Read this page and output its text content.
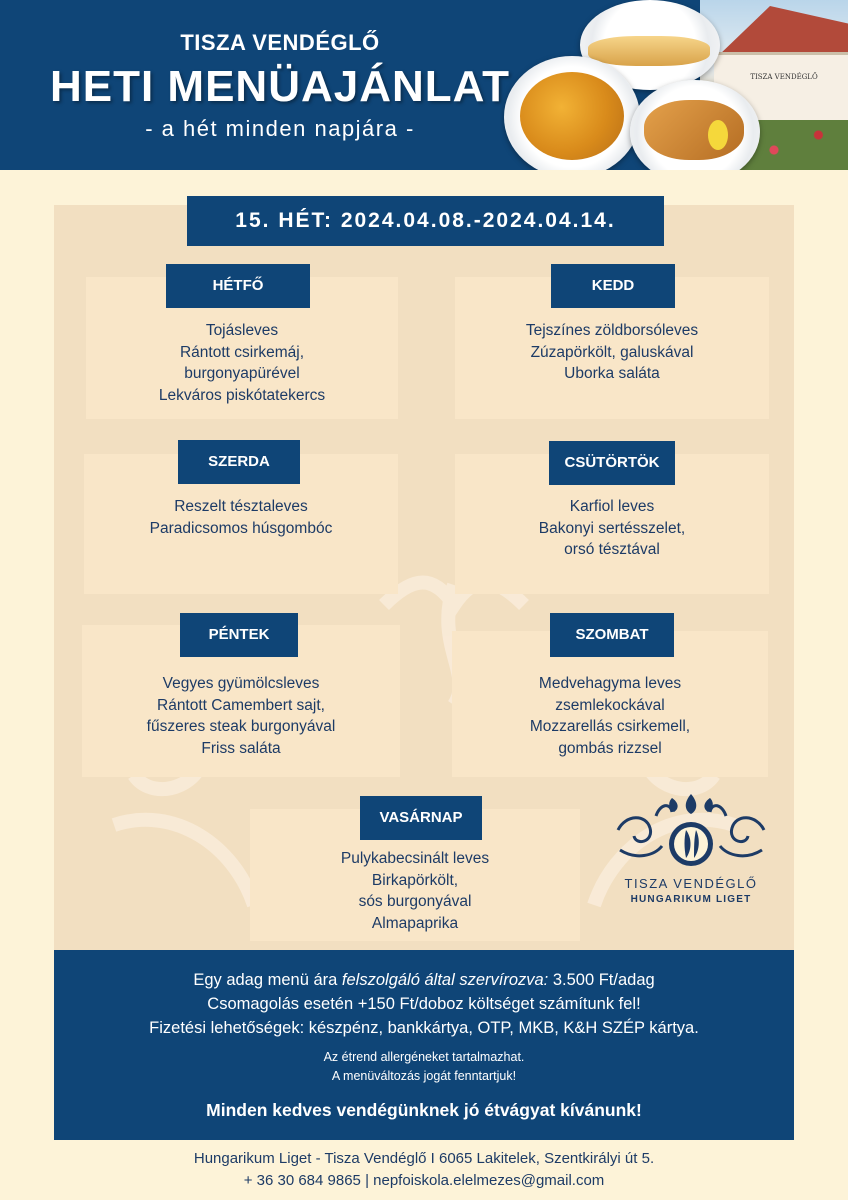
TISZA VENDÉGLŐ
HETI MENÜAJÁNLAT
- a hét minden napjára -
TISZA VENDÉGLŐ
15. HÉT: 2024.04.08.-2024.04.14.
HÉTFŐ
Tojásleves
Rántott csirkemáj,
burgonyapürével
Lekváros piskótatekercs
KEDD
Tejszínes zöldborsóleves
Zúzapörkölt, galuskával
Uborka saláta
SZERDA
Reszelt tésztaleves
Paradicsomos húsgombóc
CSÜTÖRTÖK
Karfiol leves
Bakonyi sertésszelet,
orsó tésztával
PÉNTEK
Vegyes gyümölcsleves
Rántott Camembert sajt,
fűszeres steak burgonyával
Friss saláta
SZOMBAT
Medvehagyma leves
zsemlekockával
Mozzarellás csirkemell,
gombás rizzsel
VASÁRNAP
Pulykabecsinált leves
Birkapörkölt,
sós burgonyával
Almapaprika
TISZA VENDÉGLŐ
HUNGARIKUM LIGET
Egy adag menü ára felszolgáló által szervírozva: 3.500 Ft/adag
Csomagolás esetén +150 Ft/doboz költséget számítunk fel!
Fizetési lehetőségek: készpénz, bankkártya, OTP, MKB, K&H SZÉP kártya.
Az étrend allergéneket tartalmazhat.
A menüváltozás jogát fenntartjuk!
Minden kedves vendégünknek jó étvágyat kívánunk!
Hungarikum Liget - Tisza Vendéglő I 6065 Lakitelek, Szentkirályi út 5.
+ 36 30 684 9865 | nepfoiskola.elelmezes@gmail.com
